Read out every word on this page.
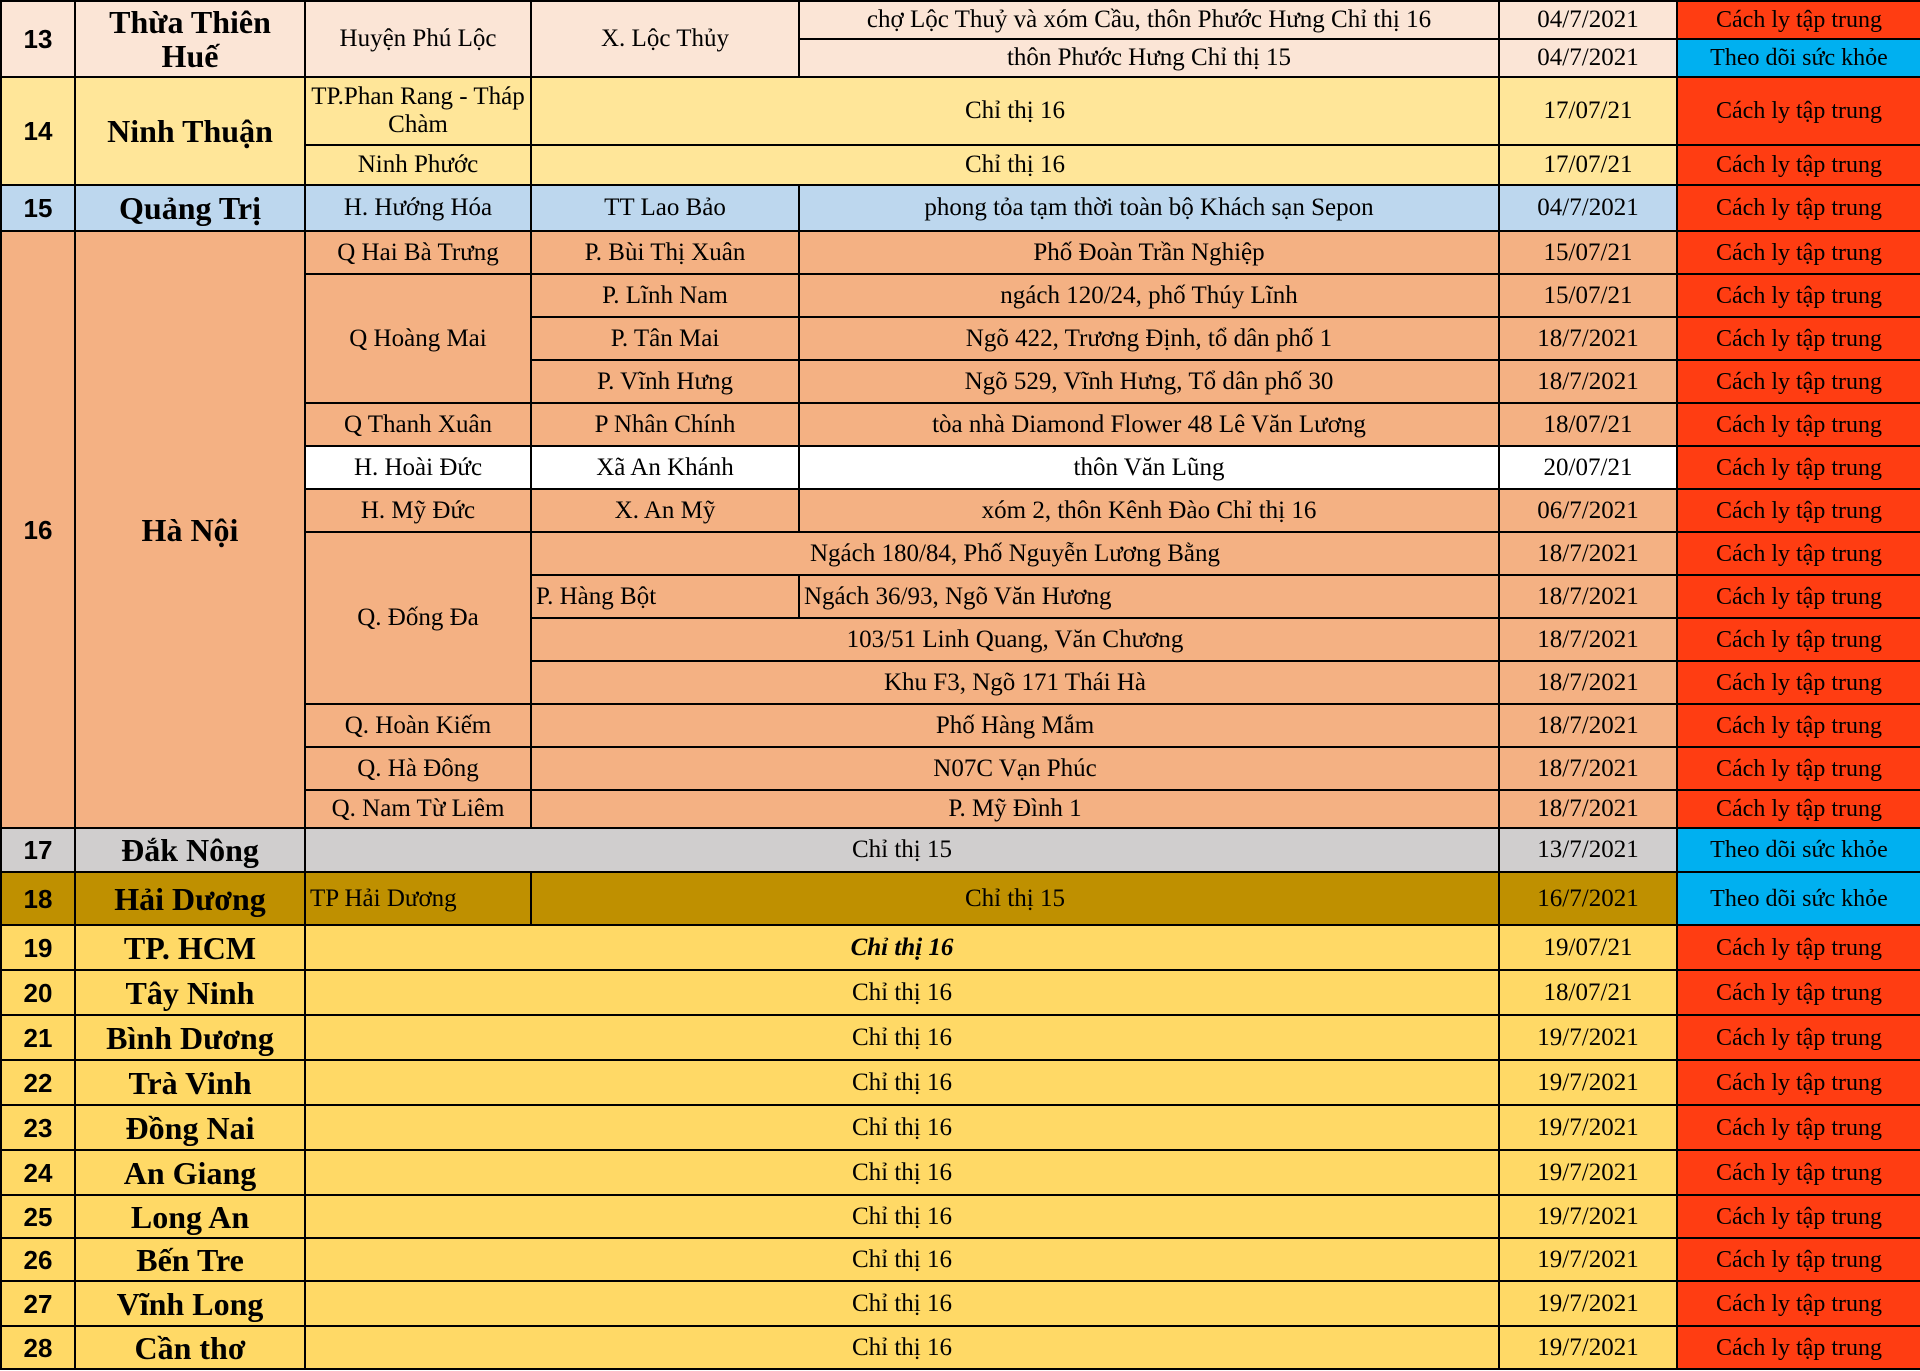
13	Thừa Thiên Huế	Huyện Phú Lộc	X. Lộc Thủy	chợ Lộc Thuỷ và xóm Cầu, thôn Phước Hưng Chỉ thị 16	04/7/2021	Cách ly tập trung
				thôn Phước Hưng Chỉ thị 15	04/7/2021	Theo dõi sức khỏe
14	Ninh Thuận	TP.Phan Rang - Tháp Chàm	Chỉ thị 16		17/07/21	Cách ly tập trung
		Ninh Phước	Chỉ thị 16		17/07/21	Cách ly tập trung
15	Quảng Trị	H. Hướng Hóa	TT Lao Bảo	phong tỏa tạm thời toàn bộ Khách sạn Sepon	04/7/2021	Cách ly tập trung
16	Hà Nội	Q Hai Bà Trưng	P. Bùi Thị Xuân	Phố Đoàn Trần Nghiệp	15/07/21	Cách ly tập trung
		Q Hoàng Mai	P. Lĩnh Nam	ngách 120/24, phố Thúy Lĩnh	15/07/21	Cách ly tập trung
			P. Tân Mai	Ngõ 422, Trương Định, tổ dân phố 1	18/7/2021	Cách ly tập trung
			P. Vĩnh Hưng	Ngõ 529, Vĩnh Hưng, Tổ dân phố 30	18/7/2021	Cách ly tập trung
		Q Thanh Xuân	P Nhân Chính	tòa nhà Diamond Flower 48 Lê Văn Lương	18/07/21	Cách ly tập trung
		H. Hoài Đức	Xã An Khánh	thôn Văn Lũng	20/07/21	Cách ly tập trung
		H. Mỹ Đức	X. An Mỹ	xóm 2, thôn Kênh Đào Chỉ thị 16	06/7/2021	Cách ly tập trung
		Q. Đống Đa	Ngách 180/84, Phố Nguyễn Lương Bằng		18/7/2021	Cách ly tập trung
			P. Hàng Bột	Ngách 36/93, Ngõ Văn Hương	18/7/2021	Cách ly tập trung
			103/51 Linh Quang, Văn Chương		18/7/2021	Cách ly tập trung
			Khu F3, Ngõ 171 Thái Hà		18/7/2021	Cách ly tập trung
		Q. Hoàn Kiếm	Phố Hàng Mắm		18/7/2021	Cách ly tập trung
		Q. Hà Đông	N07C Vạn Phúc		18/7/2021	Cách ly tập trung
		Q. Nam Từ Liêm	P. Mỹ Đình 1		18/7/2021	Cách ly tập trung
17	Đắk Nông	Chỉ thị 15			13/7/2021	Theo dõi sức khỏe
18	Hải Dương	TP Hải Dương	Chỉ thị 15		16/7/2021	Theo dõi sức khỏe
19	TP. HCM	Chỉ thị 16			19/07/21	Cách ly tập trung
20	Tây Ninh	Chỉ thị 16			18/07/21	Cách ly tập trung
21	Bình Dương	Chỉ thị 16			19/7/2021	Cách ly tập trung
22	Trà Vinh	Chỉ thị 16			19/7/2021	Cách ly tập trung
23	Đồng Nai	Chỉ thị 16			19/7/2021	Cách ly tập trung
24	An Giang	Chỉ thị 16			19/7/2021	Cách ly tập trung
25	Long An	Chỉ thị 16			19/7/2021	Cách ly tập trung
26	Bến Tre	Chỉ thị 16			19/7/2021	Cách ly tập trung
27	Vĩnh Long	Chỉ thị 16			19/7/2021	Cách ly tập trung
28	Cần thơ	Chỉ thị 16			19/7/2021	Cách ly tập trung
